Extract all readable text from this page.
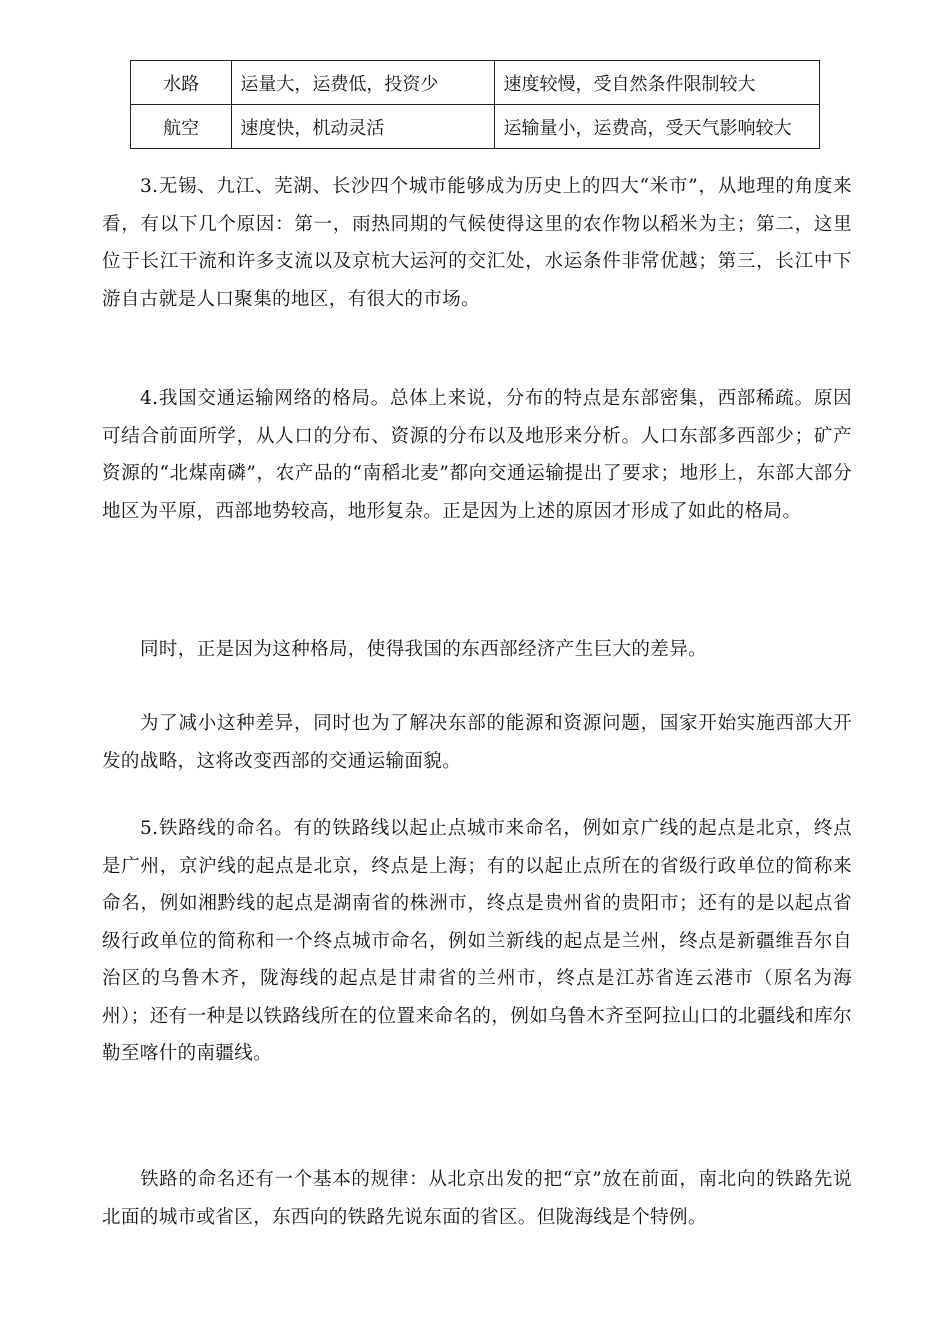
水路	运量大，运费低，投资少	速度较慢，受自然条件限制较大
航空	速度快，机动灵活	运输量小，运费高，受天气影响较大

3.无锡、九江、芜湖、长沙四个城市能够成为历史上的四大“米市”，从地理的角度来看，有以下几个原因：第一，雨热同期的气候使得这里的农作物以稻米为主；第二，这里位于长江干流和许多支流以及京杭大运河的交汇处，水运条件非常优越；第三，长江中下游自古就是人口聚集的地区，有很大的市场。

4.我国交通运输网络的格局。总体上来说，分布的特点是东部密集，西部稀疏。原因可结合前面所学，从人口的分布、资源的分布以及地形来分析。人口东部多西部少；矿产资源的“北煤南磷”，农产品的“南稻北麦”都向交通运输提出了要求；地形上，东部大部分地区为平原，西部地势较高，地形复杂。正是因为上述的原因才形成了如此的格局。

同时，正是因为这种格局，使得我国的东西部经济产生巨大的差异。

为了减小这种差异，同时也为了解决东部的能源和资源问题，国家开始实施西部大开发的战略，这将改变西部的交通运输面貌。

5.铁路线的命名。有的铁路线以起止点城市来命名，例如京广线的起点是北京，终点是广州，京沪线的起点是北京，终点是上海；有的以起止点所在的省级行政单位的简称来命名，例如湘黔线的起点是湖南省的株洲市，终点是贵州省的贵阳市；还有的是以起点省级行政单位的简称和一个终点城市命名，例如兰新线的起点是兰州，终点是新疆维吾尔自治区的乌鲁木齐，陇海线的起点是甘肃省的兰州市，终点是江苏省连云港市（原名为海州）；还有一种是以铁路线所在的位置来命名的，例如乌鲁木齐至阿拉山口的北疆线和库尔勒至喀什的南疆线。

铁路的命名还有一个基本的规律：从北京出发的把“京”放在前面，南北向的铁路先说北面的城市或省区，东西向的铁路先说东面的省区。但陇海线是个特例。
